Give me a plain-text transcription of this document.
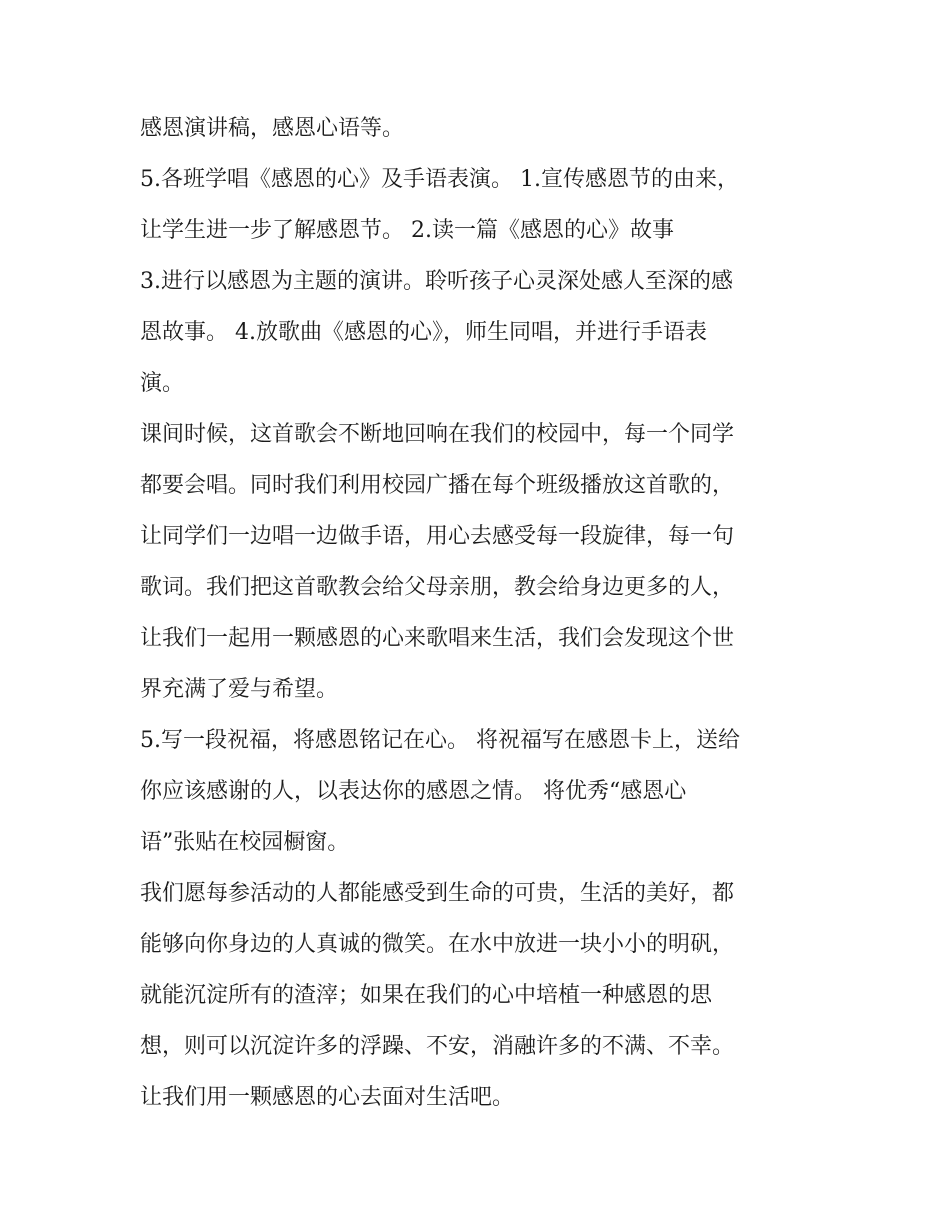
感恩演讲稿，感恩心语等。
5.各班学唱《感恩的心》及手语表演。 1.宣传感恩节的由来，
让学生进一步了解感恩节。 2.读一篇《感恩的心》故事
3.进行以感恩为主题的演讲。聆听孩子心灵深处感人至深的感
恩故事。 4.放歌曲《感恩的心》，师生同唱，并进行手语表
演。
课间时候，这首歌会不断地回响在我们的校园中，每一个同学
都要会唱。同时我们利用校园广播在每个班级播放这首歌的，
让同学们一边唱一边做手语，用心去感受每一段旋律，每一句
歌词。我们把这首歌教会给父母亲朋，教会给身边更多的人，
让我们一起用一颗感恩的心来歌唱来生活，我们会发现这个世
界充满了爱与希望。
5.写一段祝福，将感恩铭记在心。 将祝福写在感恩卡上，送给
你应该感谢的人，以表达你的感恩之情。 将优秀“感恩心
语”张贴在校园橱窗。
我们愿每参活动的人都能感受到生命的可贵，生活的美好，都
能够向你身边的人真诚的微笑。在水中放进一块小小的明矾，
就能沉淀所有的渣滓；如果在我们的心中培植一种感恩的思
想，则可以沉淀许多的浮躁、不安，消融许多的不满、不幸。
让我们用一颗感恩的心去面对生活吧。
